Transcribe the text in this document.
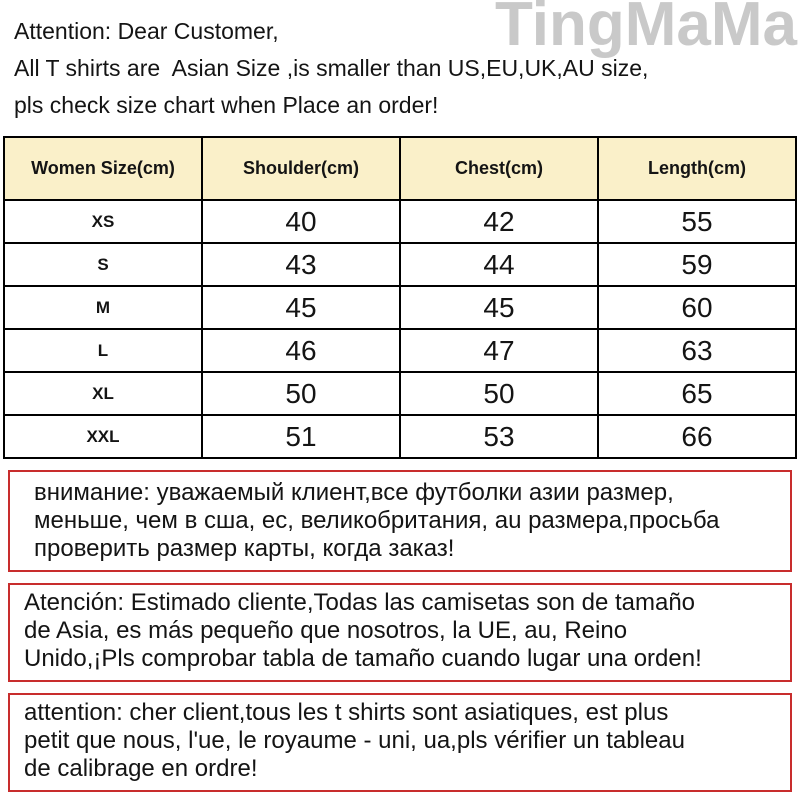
TingMaMa
Attention: Dear Customer,
All T shirts are  Asian Size ,is smaller than US,EU,UK,AU size,
pls check size chart when Place an order!
Women Size(cm)	Shoulder(cm)	Chest(cm)	Length(cm)
XS	40	42	55
S	43	44	59
M	45	45	60
L	46	47	63
XL	50	50	65
XXL	51	53	66
внимание: уважаемый клиент,все футболки азии размер,
меньше, чем в сша, ес, великобритания, au размера,просьба
проверить размер карты, когда заказ!
Atención: Estimado cliente,Todas las camisetas son de tamaño
de Asia, es más pequeño que nosotros, la UE, au, Reino
Unido,¡Pls comprobar tabla de tamaño cuando lugar una orden!
attention: cher client,tous les t shirts sont asiatiques, est plus
petit que nous, l'ue, le royaume - uni, ua,pls vérifier un tableau
de calibrage en ordre!
